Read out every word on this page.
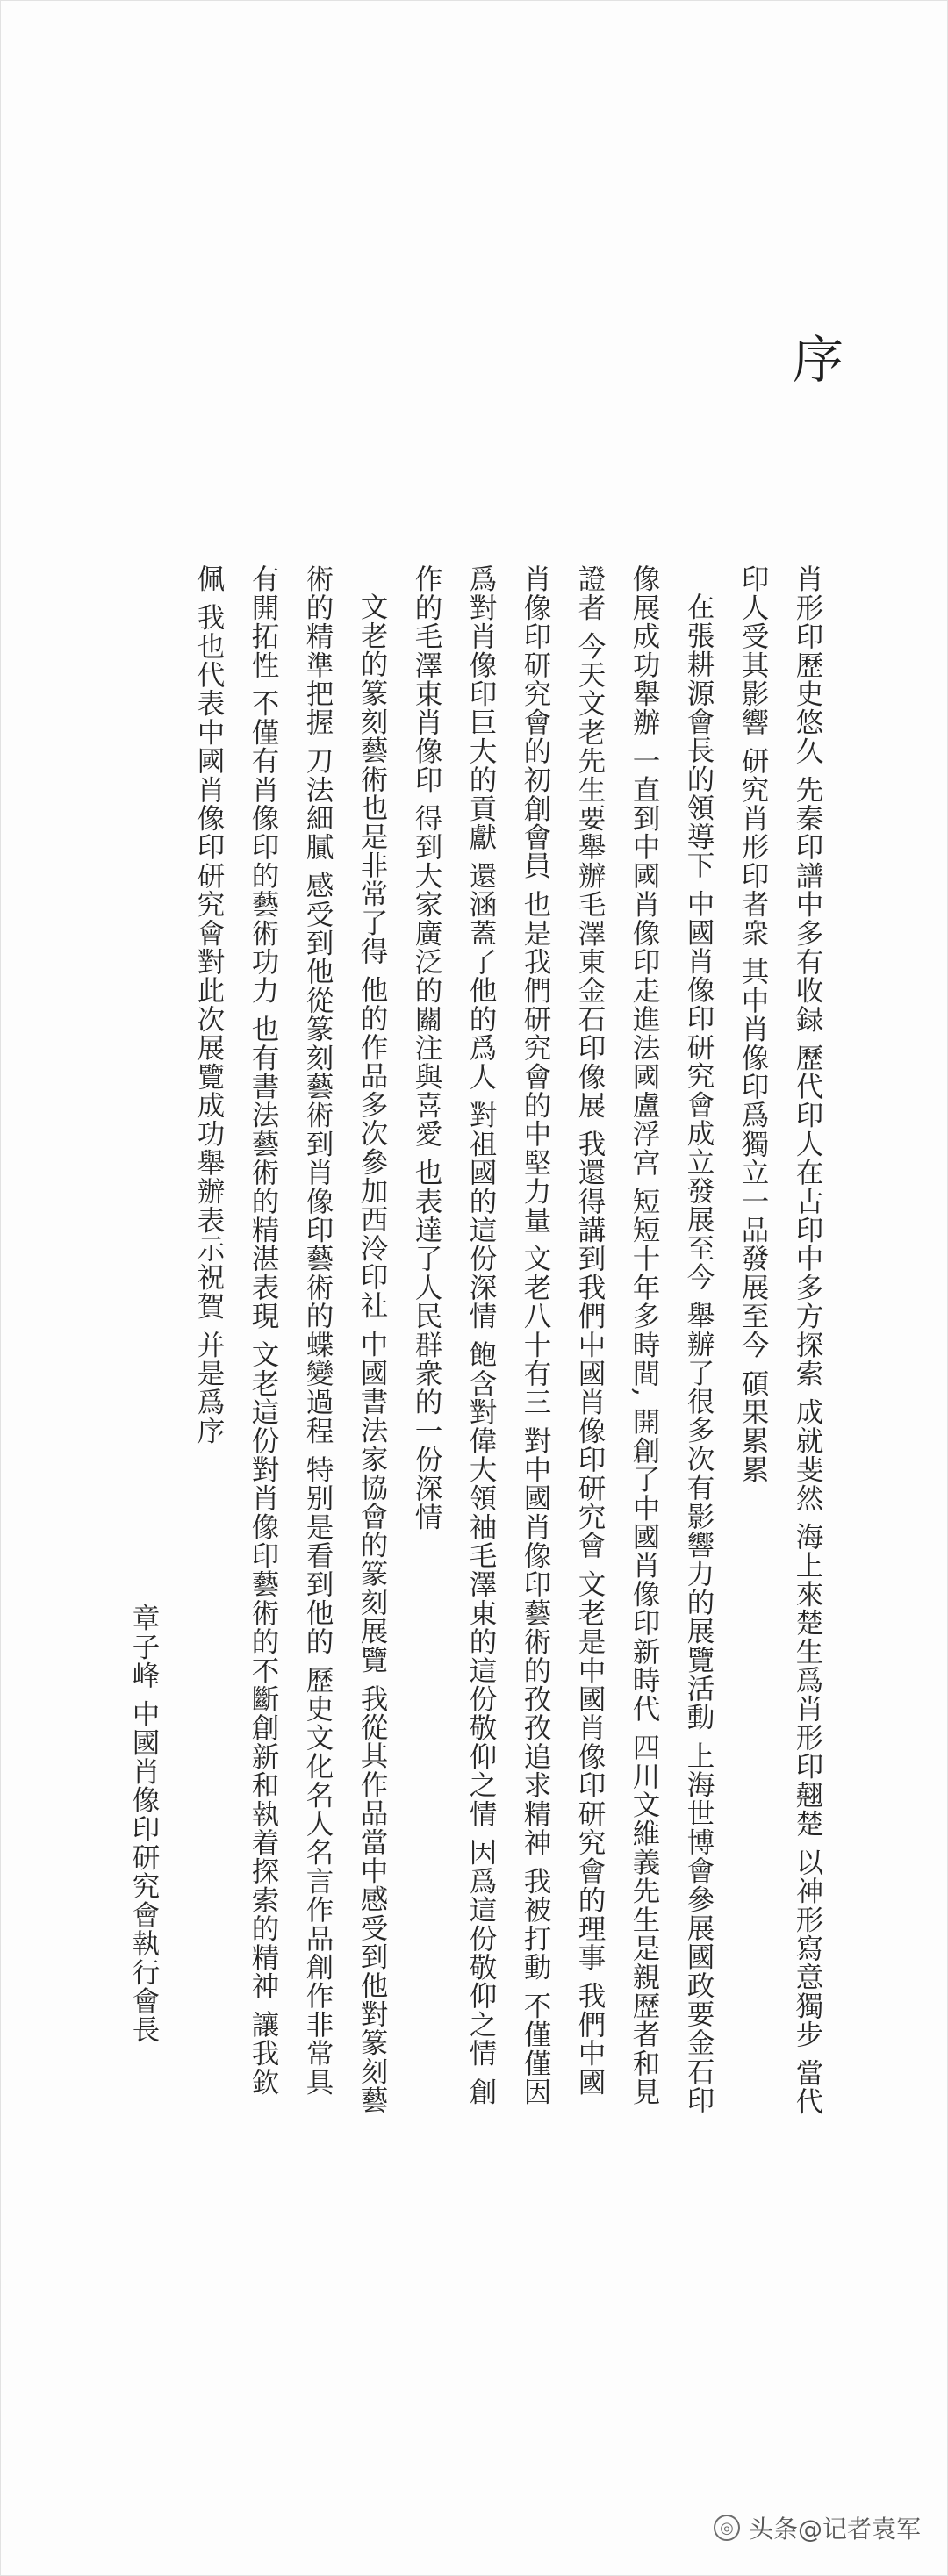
序

肖形印歷史悠久 先秦印譜中多有收録 歷代印人在古印中多方探索 成就斐然 海上來楚生爲肖形印翹楚 以神形寫意獨步 當代印人受其影響 研究肖形印者衆 其中肖像印爲獨立一品發展至今 碩果累累

在張耕源會長的領導下 中國肖像印研究會成立發展至今 舉辦了很多次有影響力的展覽活動 上海世博會參展國政要金石印像展成功舉辦 一直到中國肖像印走進法國盧浮宫 短短十年多時間, 開創了中國肖像印新時代 四川文維義先生是親歷者和見證者 今天文老先生要舉辦毛澤東金石印像展 我還得講到我們中國肖像印研究會 文老是中國肖像印研究會的理事 我們中國肖像印研究會的初創會員 也是我們研究會的中堅力量 文老八十有三 對中國肖像印藝術的孜孜追求精神 我被打動 不僅僅因爲對肖像印巨大的貢獻 還涵蓋了他的爲人 對祖國的這份深情 飽含對偉大領袖毛澤東的這份敬仰之情 因爲這份敬仰之情 創作的毛澤東肖像印 得到大家廣泛的關注與喜愛 也表達了人民群衆的一份深情

文老的篆刻藝術也是非常了得 他的作品多次參加西泠印社 中國書法家協會的篆刻展覽 我從其作品當中感受到他對篆刻藝術的精準把握 刀法細膩 感受到他從篆刻藝術到肖像印藝術的蝶變過程 特别是看到他的 歷史文化名人名言作品創作非常具有開拓性 不僅有肖像印的藝術功力 也有書法藝術的精湛表現 文老這份對肖像印藝術的不斷創新和執着探索的精神 讓我欽佩 我也代表中國肖像印研究會對此次展覽成功舉辦表示祝賀 并是爲序

章子峰 中國肖像印研究會執行會長
◎ 头条@记者袁军
